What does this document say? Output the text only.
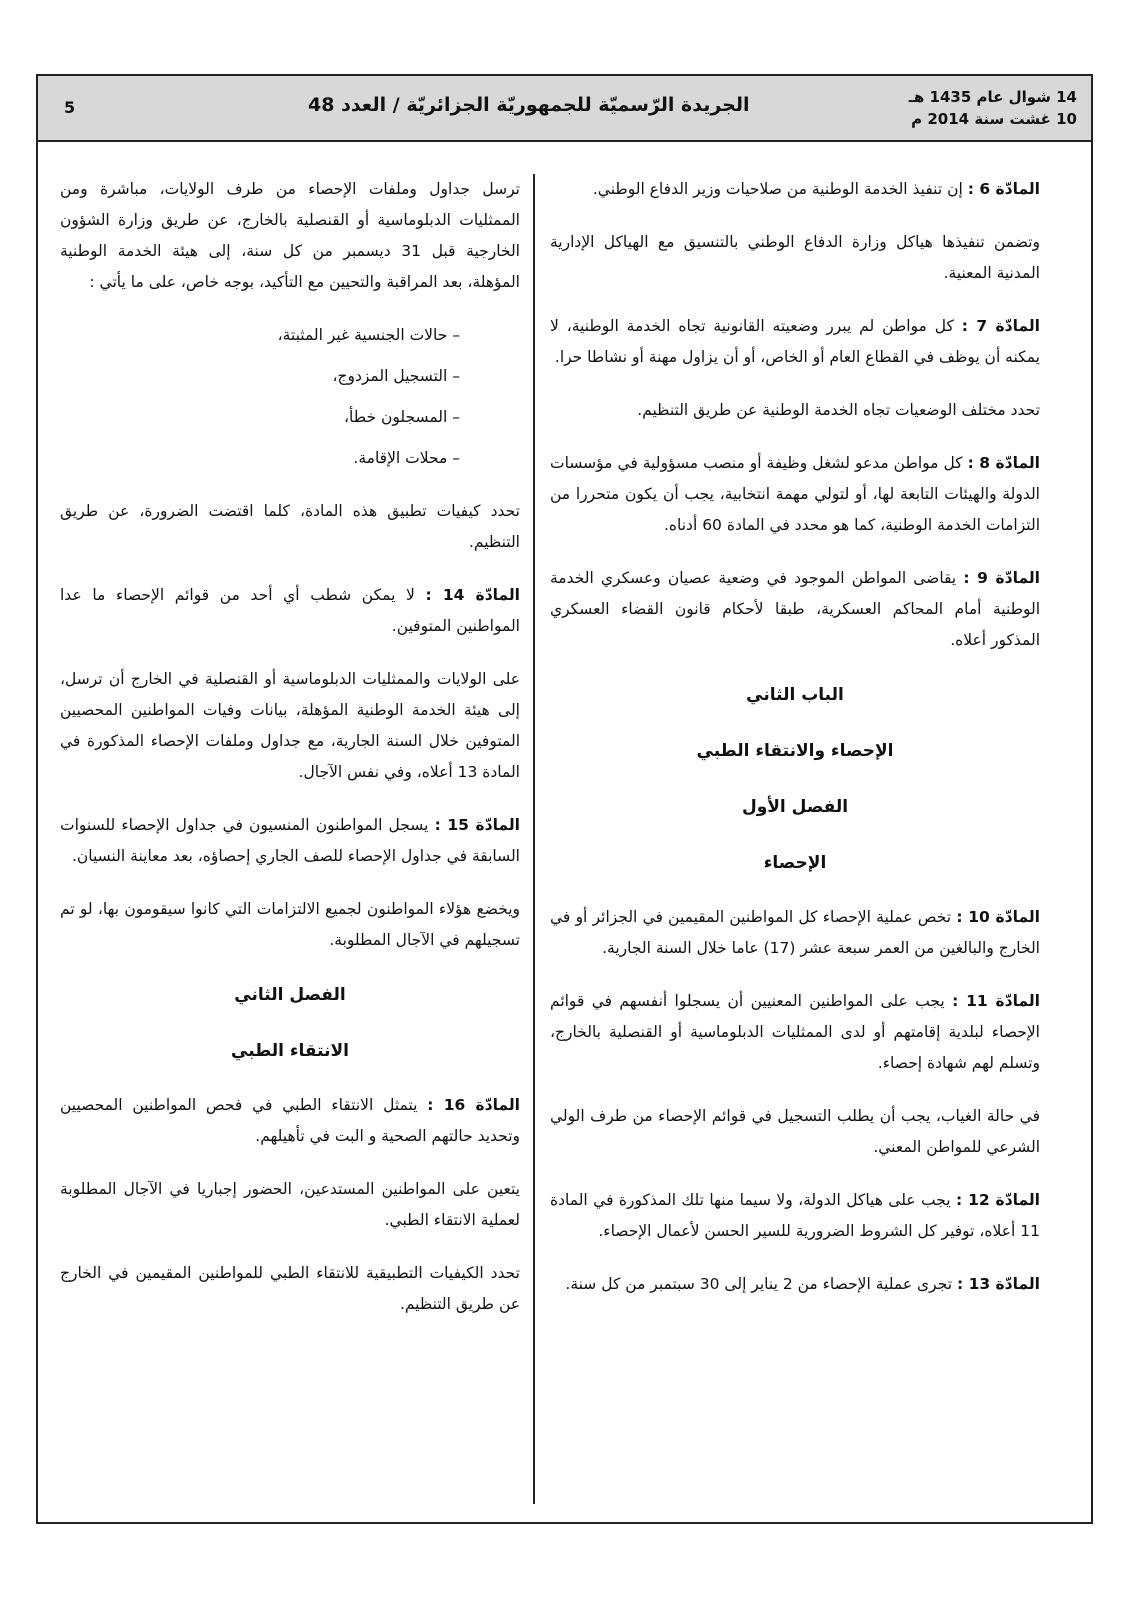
5	الجريدة الرّسميّة للجمهوريّة الجزائريّة / العدد 48	14 شوال عام 1435 هـ
10 غشت سنة 2014 م

المادّة 6 : إن تنفيذ الخدمة الوطنية من صلاحيات وزير الدفاع الوطني.

وتضمن تنفيذها هياكل وزارة الدفاع الوطني بالتنسيق مع الهياكل الإدارية المدنية المعنية.

المادّة 7 : كل مواطن لم يبرر وضعيته القانونية تجاه الخدمة الوطنية، لا يمكنه أن يوظف في القطاع العام أو الخاص، أو أن يزاول مهنة أو نشاطا حرا.

تحدد مختلف الوضعيات تجاه الخدمة الوطنية عن طريق التنظيم.

المادّة 8 : كل مواطن مدعو لشغل وظيفة أو منصب مسؤولية في مؤسسات الدولة والهيئات التابعة لها، أو لتولي مهمة انتخابية، يجب أن يكون متحررا من التزامات الخدمة الوطنية، كما هو محدد في المادة 60 أدناه.

المادّة 9 : يقاضى المواطن الموجود في وضعية عصيان وعسكري الخدمة الوطنية أمام المحاكم العسكرية، طبقا لأحكام قانون القضاء العسكري المذكور أعلاه.

الباب الثاني

الإحصاء والانتقاء الطبي

الفصل الأول

الإحصاء

المادّة 10 : تخص عملية الإحصاء كل المواطنين المقيمين في الجزائر أو في الخارج والبالغين من العمر سبعة عشر (17) عاما خلال السنة الجارية.

المادّة 11 : يجب على المواطنين المعنيين أن يسجلوا أنفسهم في قوائم الإحصاء لبلدية إقامتهم أو لدى الممثليات الدبلوماسية أو القنصلية بالخارج، وتسلم لهم شهادة إحصاء.

في حالة الغياب، يجب أن يطلب التسجيل في قوائم الإحصاء من طرف الولي الشرعي للمواطن المعني.

المادّة 12 : يجب على هياكل الدولة، ولا سيما منها تلك المذكورة في المادة 11 أعلاه، توفير كل الشروط الضرورية للسير الحسن لأعمال الإحصاء.

المادّة 13 : تجرى عملية الإحصاء من 2 يناير إلى 30 سبتمبر من كل سنة.

ترسل جداول وملفات الإحصاء من طرف الولايات، مباشرة ومن الممثليات الدبلوماسية أو القنصلية بالخارج، عن طريق وزارة الشؤون الخارجية قبل 31 ديسمبر من كل سنة، إلى هيئة الخدمة الوطنية المؤهلة، بعد المراقبة والتحيين مع التأكيد، بوجه خاص، على ما يأتي :

– حالات الجنسية غير المثبتة،
– التسجيل المزدوج،
– المسجلون خطأ،
– محلات الإقامة.

تحدد كيفيات تطبيق هذه المادة، كلما اقتضت الضرورة، عن طريق التنظيم.

المادّة 14 : لا يمكن شطب أي أحد من قوائم الإحصاء ما عدا المواطنين المتوفين.

على الولايات والممثليات الدبلوماسية أو القنصلية في الخارج أن ترسل، إلى هيئة الخدمة الوطنية المؤهلة، بيانات وفيات المواطنين المحصيين المتوفين خلال السنة الجارية، مع جداول وملفات الإحصاء المذكورة في المادة 13 أعلاه، وفي نفس الآجال.

المادّة 15 : يسجل المواطنون المنسيون في جداول الإحصاء للسنوات السابقة في جداول الإحصاء للصف الجاري إحصاؤه، بعد معاينة النسيان.

ويخضع هؤلاء المواطنون لجميع الالتزامات التي كانوا سيقومون بها، لو تم تسجيلهم في الآجال المطلوبة.

الفصل الثاني

الانتقاء الطبي

المادّة 16 : يتمثل الانتقاء الطبي في فحص المواطنين المحصيين وتحديد حالتهم الصحية و البت في تأهيلهم.

يتعين على المواطنين المستدعين، الحضور إجباريا في الآجال المطلوبة لعملية الانتقاء الطبي.

تحدد الكيفيات التطبيقية للانتقاء الطبي للمواطنين المقيمين في الخارج عن طريق التنظيم.
